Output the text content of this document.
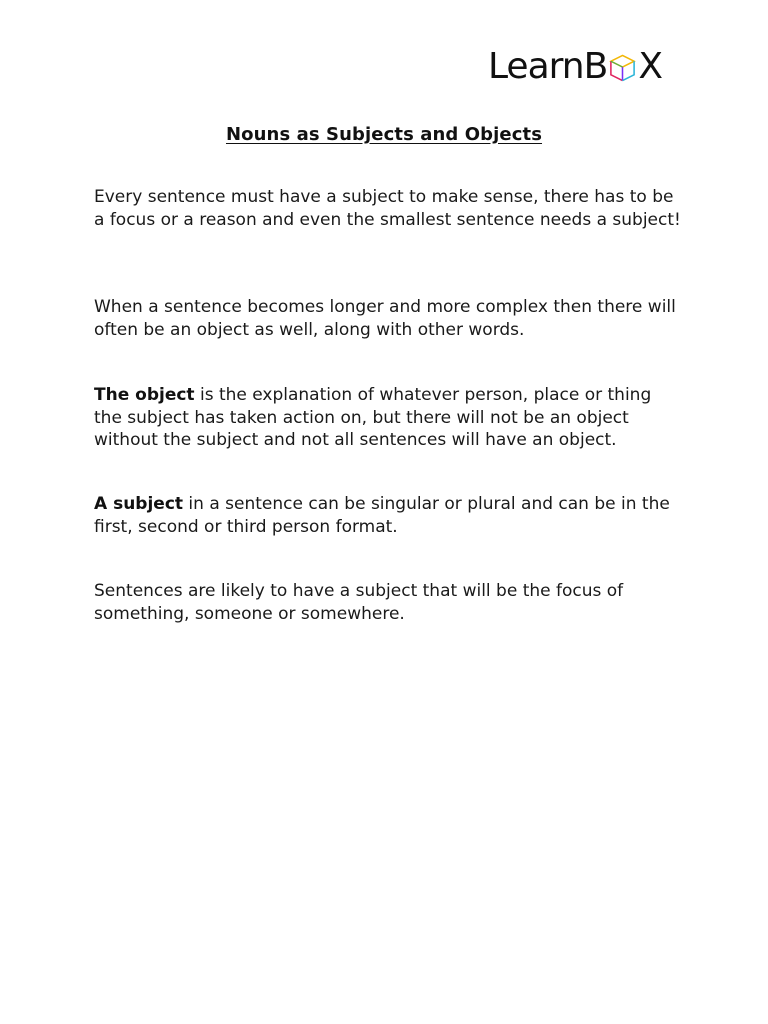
LearnB X
Nouns as Subjects and Objects

Every sentence must have a subject to make sense, there has to be a focus or a reason and even the smallest sentence needs a subject!

When a sentence becomes longer and more complex then there will often be an object as well, along with other words.

The object is the explanation of whatever person, place or thing the subject has taken action on, but there will not be an object without the subject and not all sentences will have an object.

A subject in a sentence can be singular or plural and can be in the first, second or third person format.

Sentences are likely to have a subject that will be the focus of something, someone or somewhere.
